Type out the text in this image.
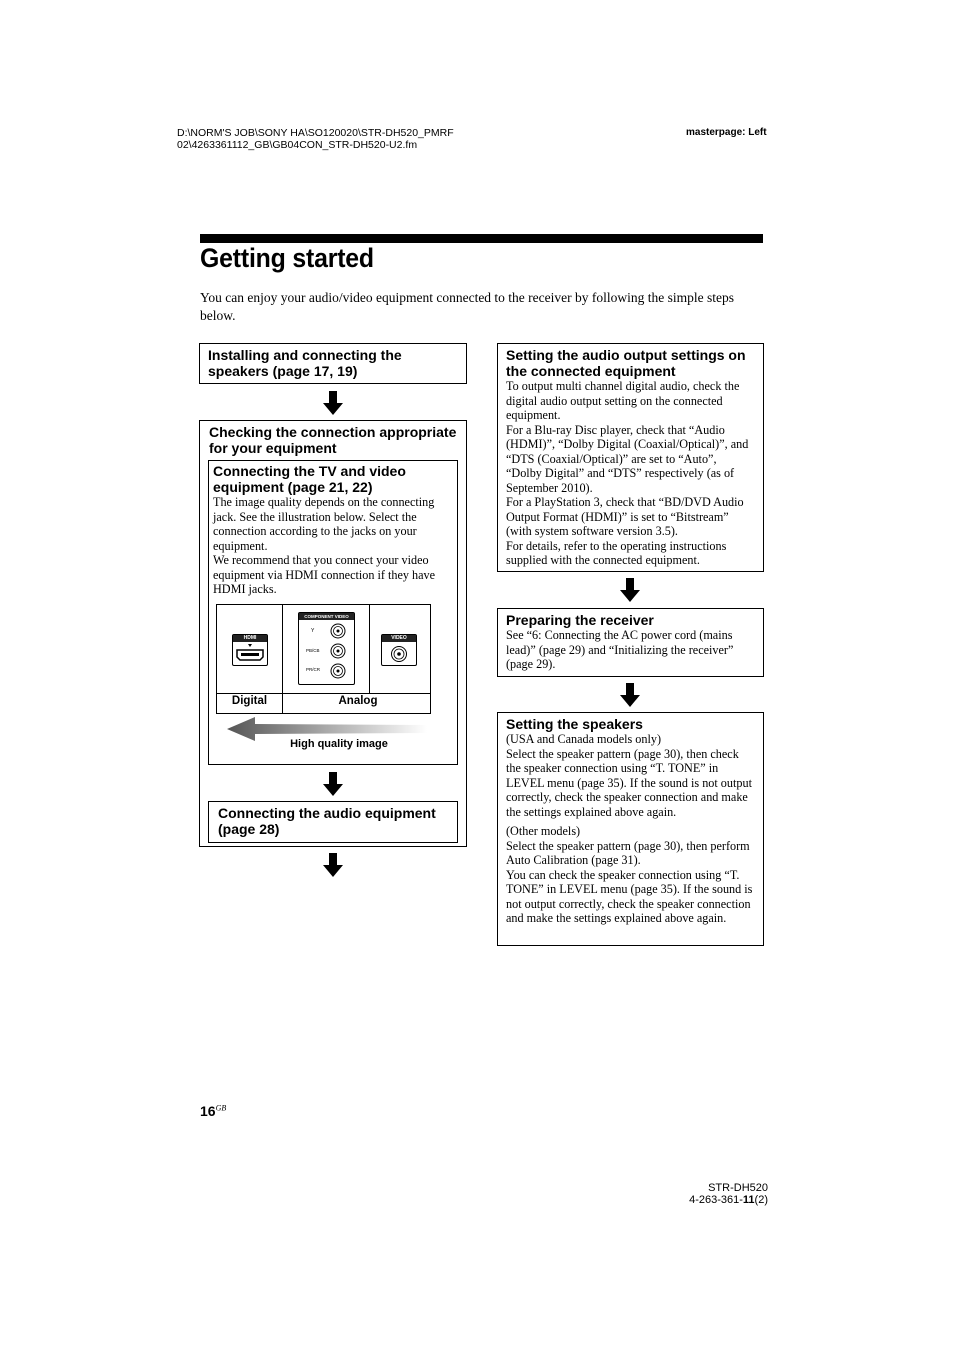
D:\NORM'S JOB\SONY HA\SO120020\STR-DH520_PMRF
02\4263361112_GB\GB04CON_STR-DH520-U2.fm
masterpage: Left
Getting started
You can enjoy your audio/video equipment connected to the receiver by following the simple steps below.
Installing and connecting the speakers (page 17, 19)
Checking the connection appropriate for your equipment
Connecting the TV and video equipment (page 21, 22)
The image quality depends on the connecting jack. See the illustration below. Select the connection according to the jacks on your equipment.
We recommend that you connect your video equipment via HDMI connection if they have HDMI jacks.
HDMI
COMPONENT VIDEO
Y
PB/CB
PR/CR
VIDEO
Digital	Analog
High quality image
Connecting the audio equipment (page 28)
Setting the audio output settings on the connected equipment
To output multi channel digital audio, check the digital audio output setting on the connected equipment.
For a Blu-ray Disc player, check that “Audio (HDMI)”, “Dolby Digital (Coaxial/Optical)”, and “DTS (Coaxial/Optical)” are set to “Auto”, “Dolby Digital” and “DTS” respectively (as of September 2010).
For a PlayStation 3, check that “BD/DVD Audio Output Format (HDMI)” is set to “Bitstream” (with system software version 3.5).
For details, refer to the operating instructions supplied with the connected equipment.
Preparing the receiver
See “6: Connecting the AC power cord (mains lead)” (page 29) and “Initializing the receiver” (page 29).
Setting the speakers
(USA and Canada models only)
Select the speaker pattern (page 30), then check the speaker connection using “T. TONE” in LEVEL menu (page 35). If the sound is not output correctly, check the speaker connection and make the settings explained above again.
(Other models)
Select the speaker pattern (page 30), then perform Auto Calibration (page 31).
You can check the speaker connection using “T. TONE” in LEVEL menu (page 35). If the sound is not output correctly, check the speaker connection and make the settings explained above again.
$16^{GB}$
STR-DH520
4-263-361-11(2)
